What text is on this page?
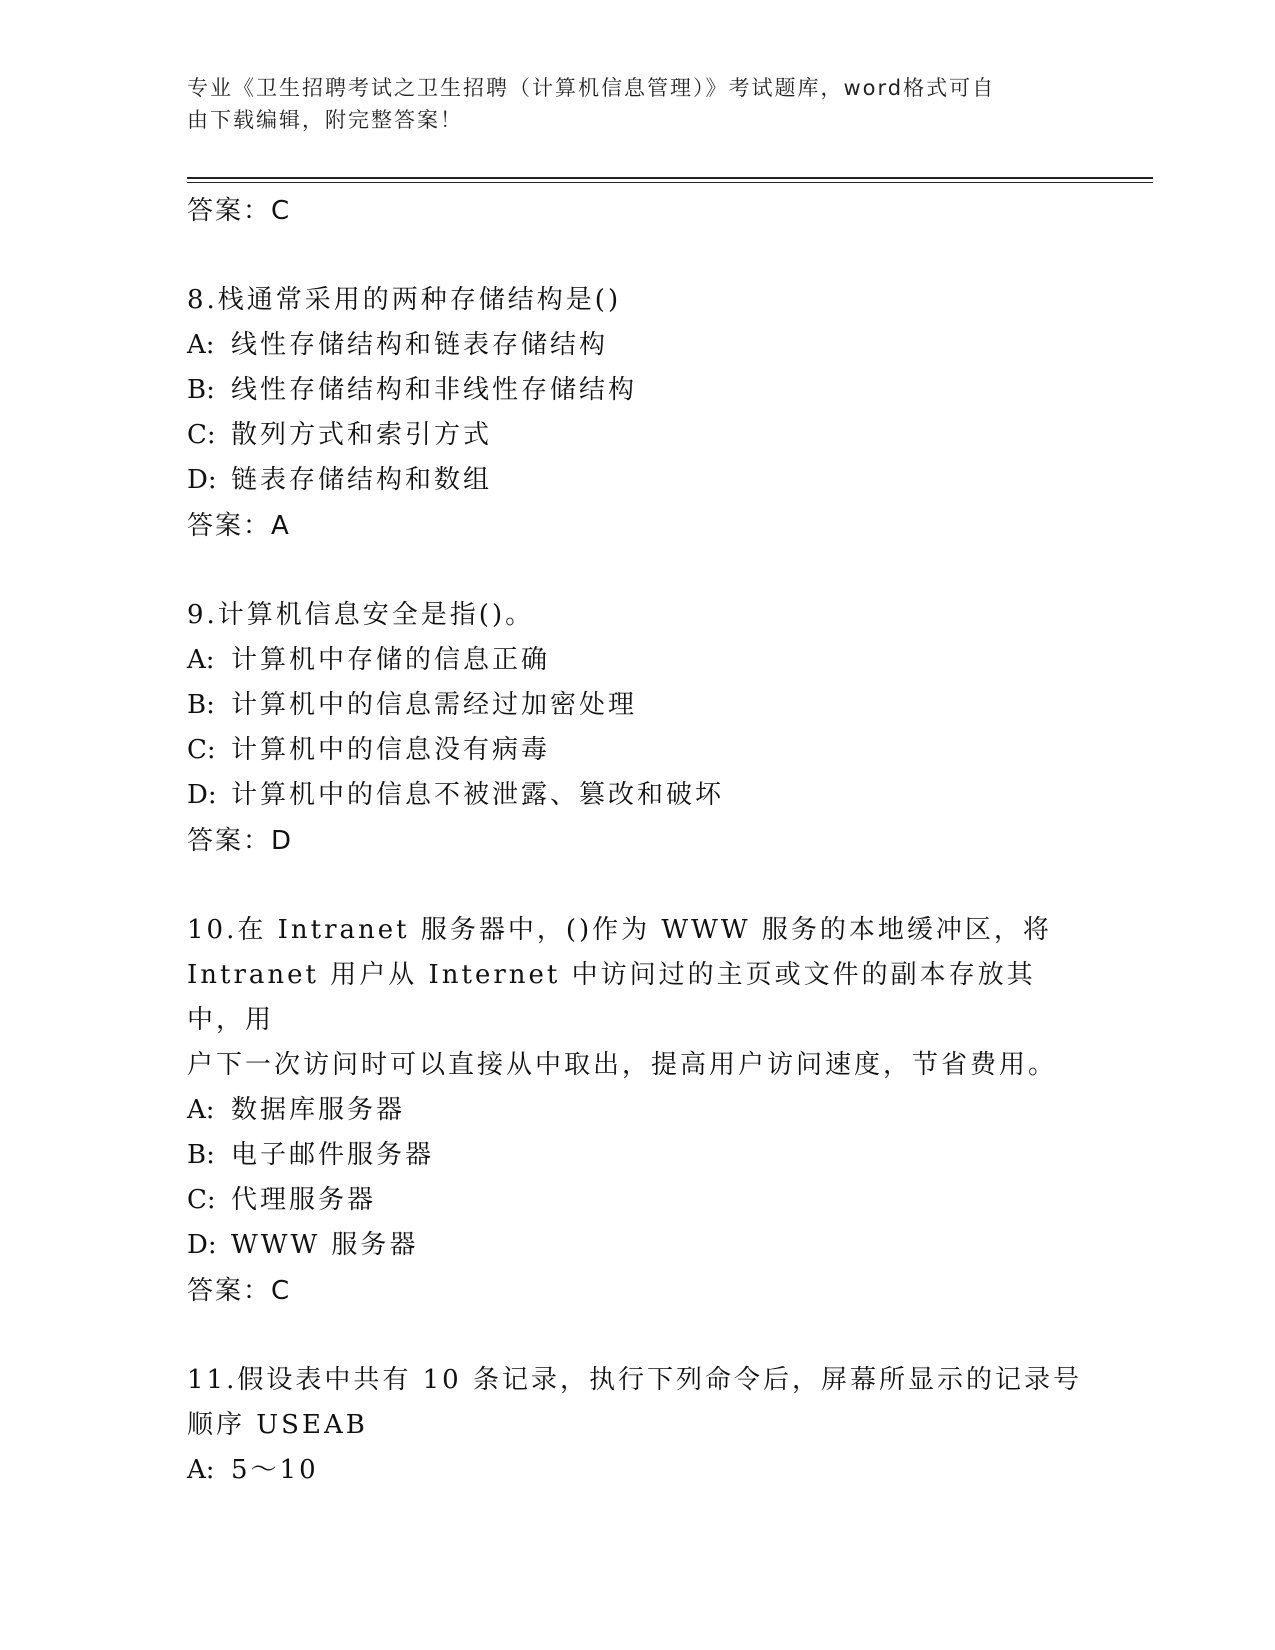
专业《卫生招聘考试之卫生招聘（计算机信息管理）》考试题库，word格式可自
由下载编辑，附完整答案！
答案：C
8.栈通常采用的两种存储结构是()
A: 线性存储结构和链表存储结构
B: 线性存储结构和非线性存储结构
C: 散列方式和索引方式
D: 链表存储结构和数组
答案：A
9.计算机信息安全是指()。
A: 计算机中存储的信息正确
B: 计算机中的信息需经过加密处理
C: 计算机中的信息没有病毒
D: 计算机中的信息不被泄露、篡改和破坏
答案：D
10.在 Intranet 服务器中，()作为 WWW 服务的本地缓冲区，将
Intranet 用户从 Internet 中访问过的主页或文件的副本存放其中，用
户下一次访问时可以直接从中取出，提高用户访问速度，节省费用。
A: 数据库服务器
B: 电子邮件服务器
C: 代理服务器
D: WWW 服务器
答案：C
11.假设表中共有 10 条记录，执行下列命令后，屏幕所显示的记录号
顺序 USEAB
A: 5～10
